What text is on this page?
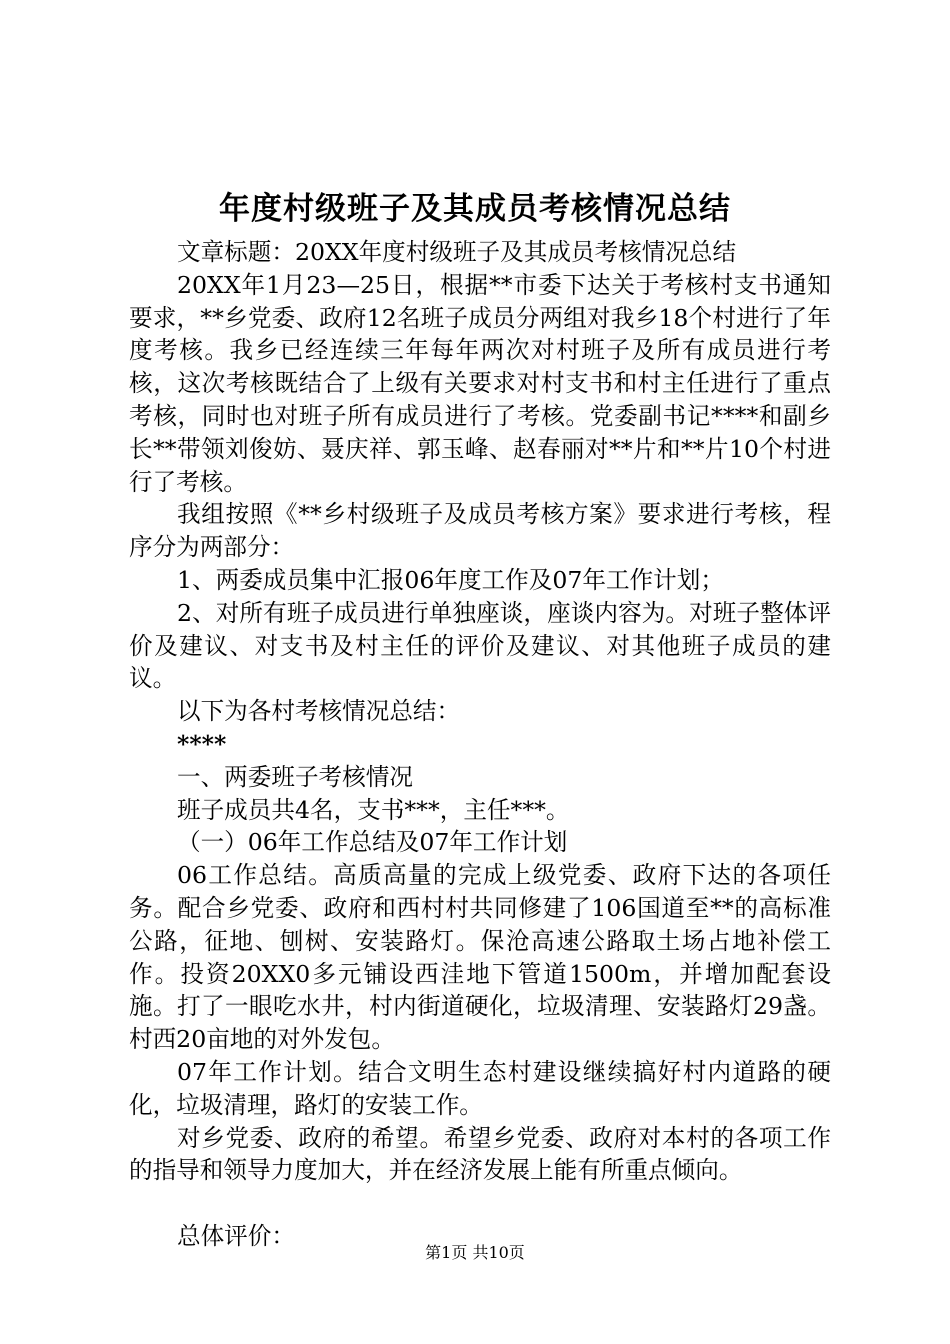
年度村级班子及其成员考核情况总结

文章标题：20XX年度村级班子及其成员考核情况总结

20XX年1月23—25日，根据**市委下达关于考核村支书通知要求，**乡党委、政府12名班子成员分两组对我乡18个村进行了年度考核。我乡已经连续三年每年两次对村班子及所有成员进行考核，这次考核既结合了上级有关要求对村支书和村主任进行了重点考核，同时也对班子所有成员进行了考核。党委副书记****和副乡长**带领刘俊妨、聂庆祥、郭玉峰、赵春丽对**片和**片10个村进行了考核。

我组按照《**乡村级班子及成员考核方案》要求进行考核，程序分为两部分：

1、两委成员集中汇报06年度工作及07年工作计划；

2、对所有班子成员进行单独座谈，座谈内容为。对班子整体评价及建议、对支书及村主任的评价及建议、对其他班子成员的建议。

以下为各村考核情况总结：

****

一、两委班子考核情况

班子成员共4名，支书***，主任***。

（一）06年工作总结及07年工作计划

06工作总结。高质高量的完成上级党委、政府下达的各项任务。配合乡党委、政府和西村村共同修建了106国道至**的高标准公路，征地、刨树、安装路灯。保沧高速公路取土场占地补偿工作。投资20XX0多元铺设西洼地下管道1500m，并增加配套设施。打了一眼吃水井，村内街道硬化，垃圾清理、安装路灯29盏。村西20亩地的对外发包。

07年工作计划。结合文明生态村建设继续搞好村内道路的硬化，垃圾清理，路灯的安装工作。

对乡党委、政府的希望。希望乡党委、政府对本村的各项工作的指导和领导力度加大，并在经济发展上能有所重点倾向。

总体评价：

第1页 共10页
